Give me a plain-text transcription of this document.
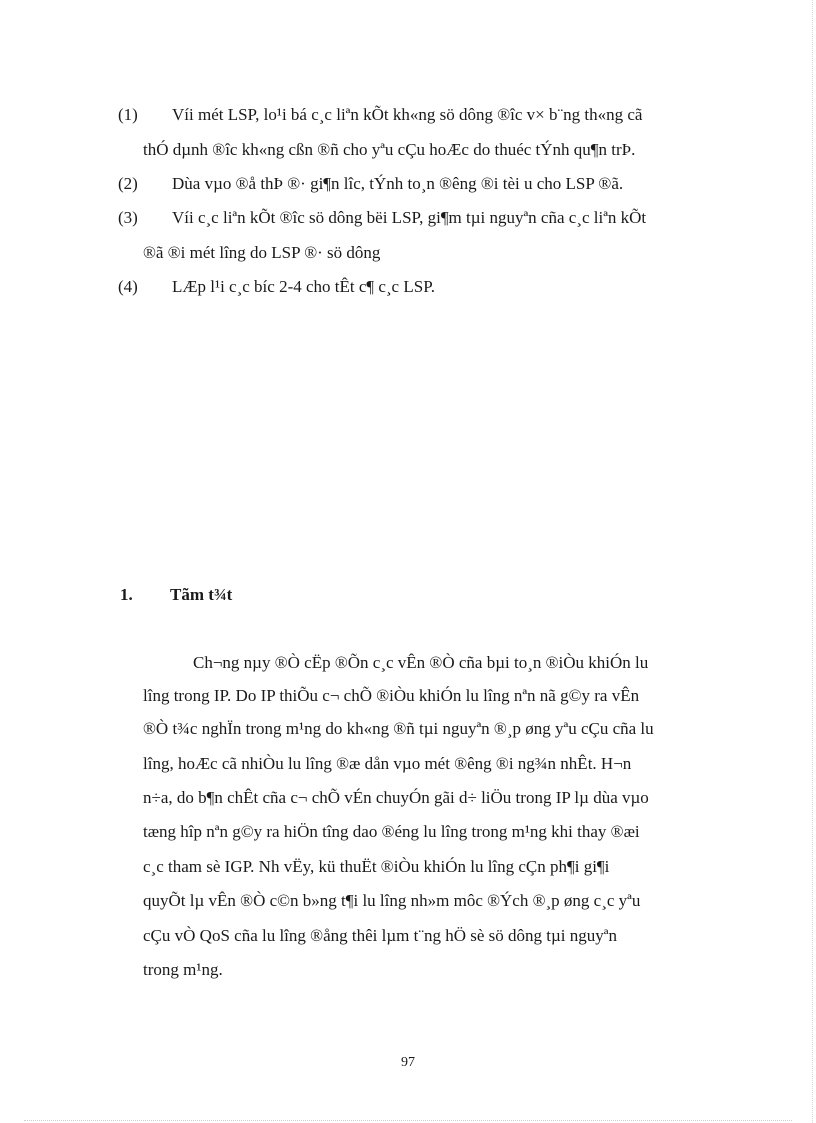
(1) Víi mét LSP, lo¹i bá c¸c liªn kÕt kh«ng sö dông ®îc v× b¨ng th«ng cã
thÓ dµnh ®îc kh«ng cßn ®ñ cho yªu cÇu hoÆc do thuéc tÝnh qu¶n trÞ.
(2) Dùa vµo ®å thÞ ®· gi¶n lîc, tÝnh to¸n ®êng ®i tèi u cho LSP ®ã.
(3) Víi c¸c liªn kÕt ®îc sö dông bëi LSP, gi¶m tµi nguyªn cña c¸c liªn kÕt
®ã ®i mét lîng do LSP ®· sö dông
(4) LÆp l¹i c¸c bíc 2-4 cho tÊt c¶ c¸c LSP.
1. Tãm t¾t
Ch¬ng nµy ®Ò cËp ®Õn c¸c vÊn ®Ò cña bµi to¸n ®iÒu khiÓn lu
lîng trong IP. Do IP thiÕu c¬ chÕ ®iÒu khiÓn lu lîng nªn nã g©y ra vÊn
®Ò t¾c nghÏn trong m¹ng do kh«ng ®ñ tµi nguyªn ®¸p øng yªu cÇu cña lu
lîng, hoÆc cã nhiÒu lu lîng ®æ dån vµo mét ®êng ®i ng¾n nhÊt. H¬n
n÷a, do b¶n chÊt cña c¬ chÕ vÉn chuyÓn gãi d÷ liÖu trong IP lµ dùa vµo
tæng hîp nªn g©y ra hiÖn tîng dao ®éng lu lîng trong m¹ng khi thay ®æi
c¸c tham sè IGP. Nh vËy, kü thuËt ®iÒu khiÓn lu lîng cÇn ph¶i gi¶i
quyÕt lµ vÊn ®Ò c©n b»ng t¶i lu lîng nh»m môc ®Ých ®¸p øng c¸c yªu
cÇu vÒ QoS cña lu lîng ®ång thêi lµm t¨ng hÖ sè sö dông tµi nguyªn
trong m¹ng.
97
